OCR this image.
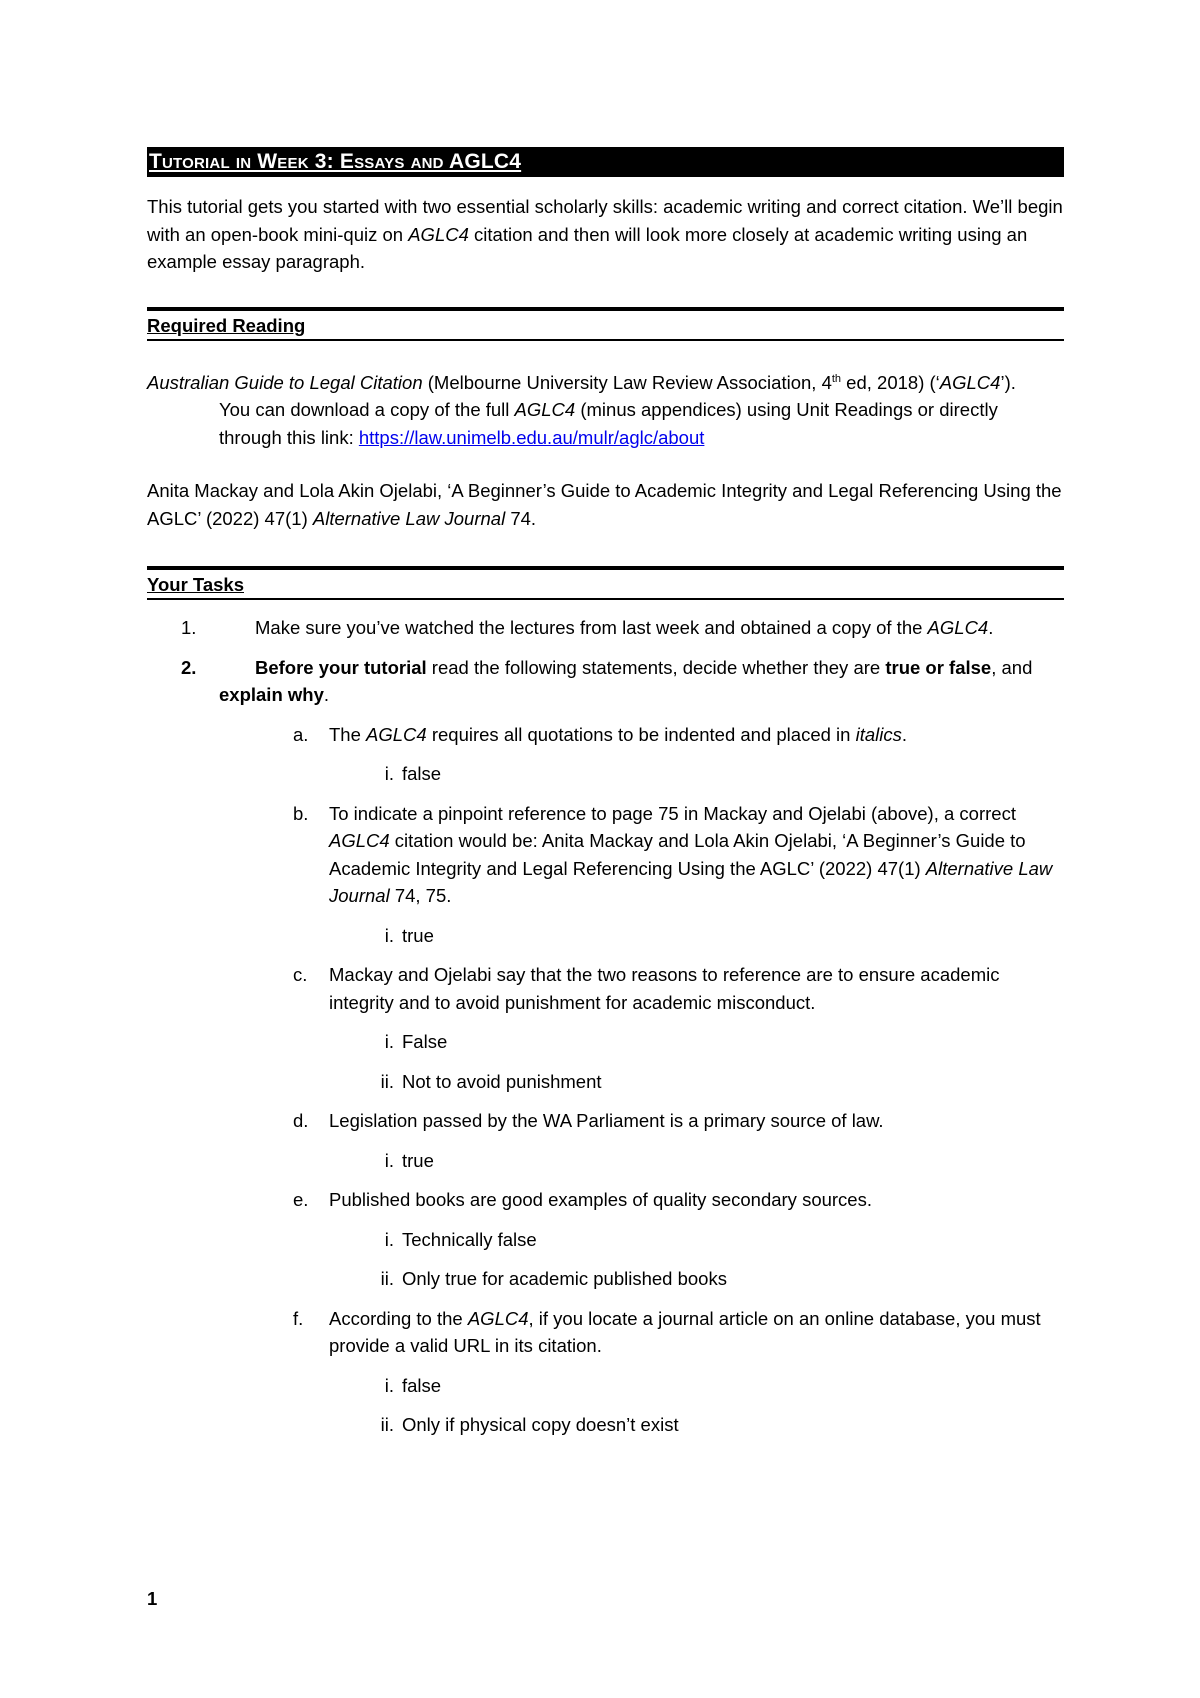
Tutorial in Week 3: Essays and AGLC4

This tutorial gets you started with two essential scholarly skills: academic writing and correct citation. We’ll begin with an open-book mini-quiz on AGLC4 citation and then will look more closely at academic writing using an example essay paragraph.

Required Reading

Australian Guide to Legal Citation (Melbourne University Law Review Association, 4th ed, 2018) (‘AGLC4’).

You can download a copy of the full AGLC4 (minus appendices) using Unit Readings or directly through this link: https://law.unimelb.edu.au/mulr/aglc/about

Anita Mackay and Lola Akin Ojelabi, ‘A Beginner’s Guide to Academic Integrity and Legal Referencing Using the AGLC’ (2022) 47(1) Alternative Law Journal 74.

Your Tasks
1.	Make sure you’ve watched the lectures from last week and obtained a copy of the AGLC4.
2.	Before your tutorial read the following statements, decide whether they are true or false, and explain why.
a. The AGLC4 requires all quotations to be indented and placed in italics.
i. false
b. To indicate a pinpoint reference to page 75 in Mackay and Ojelabi (above), a correct AGLC4 citation would be: Anita Mackay and Lola Akin Ojelabi, ‘A Beginner’s Guide to Academic Integrity and Legal Referencing Using the AGLC’ (2022) 47(1) Alternative Law Journal 74, 75.
i. true
c. Mackay and Ojelabi say that the two reasons to reference are to ensure academic integrity and to avoid punishment for academic misconduct.
i. False
ii. Not to avoid punishment
d. Legislation passed by the WA Parliament is a primary source of law.
i. true
e. Published books are good examples of quality secondary sources.
i. Technically false
ii. Only true for academic published books
f. According to the AGLC4, if you locate a journal article on an online database, you must provide a valid URL in its citation.
i. false
ii. Only if physical copy doesn’t exist
1
